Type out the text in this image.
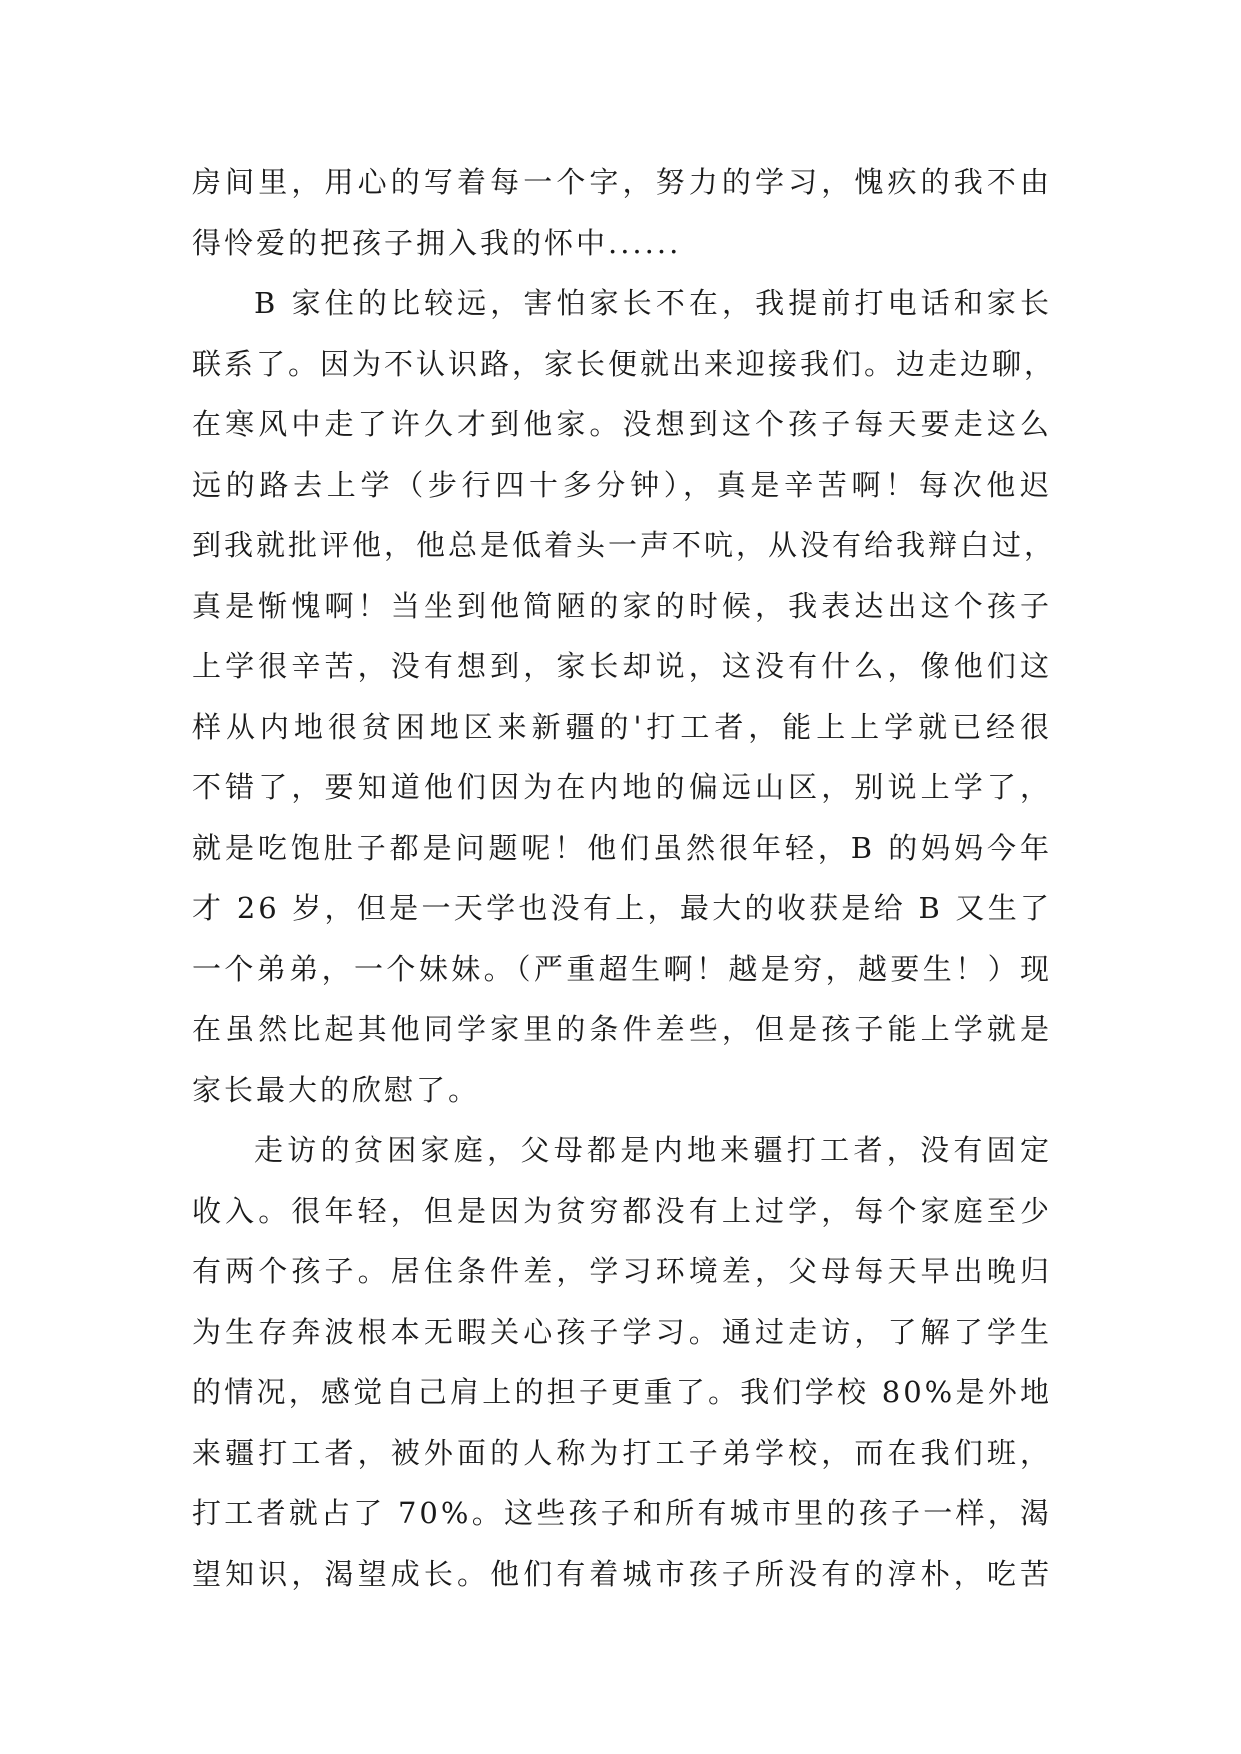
房间里，用心的写着每一个字，努力的学习，愧疚的我不由
得怜爱的把孩子拥入我的怀中......
B 家住的比较远，害怕家长不在，我提前打电话和家长
联系了。因为不认识路，家长便就出来迎接我们。边走边聊，
在寒风中走了许久才到他家。没想到这个孩子每天要走这么
远的路去上学（步行四十多分钟），真是辛苦啊！每次他迟
到我就批评他，他总是低着头一声不吭，从没有给我辩白过，
真是惭愧啊！当坐到他简陋的家的时候，我表达出这个孩子
上学很辛苦，没有想到，家长却说，这没有什么，像他们这
样从内地很贫困地区来新疆的'打工者，能上上学就已经很
不错了，要知道他们因为在内地的偏远山区，别说上学了，
就是吃饱肚子都是问题呢！他们虽然很年轻，B 的妈妈今年
才 26 岁，但是一天学也没有上，最大的收获是给 B 又生了
一个弟弟，一个妹妹。（严重超生啊！越是穷，越要生！）现
在虽然比起其他同学家里的条件差些，但是孩子能上学就是
家长最大的欣慰了。
走访的贫困家庭，父母都是内地来疆打工者，没有固定
收入。很年轻，但是因为贫穷都没有上过学，每个家庭至少
有两个孩子。居住条件差，学习环境差，父母每天早出晚归
为生存奔波根本无暇关心孩子学习。通过走访，了解了学生
的情况，感觉自己肩上的担子更重了。我们学校 80%是外地
来疆打工者，被外面的人称为打工子弟学校，而在我们班，
打工者就占了 70%。这些孩子和所有城市里的孩子一样，渴
望知识，渴望成长。他们有着城市孩子所没有的淳朴，吃苦
